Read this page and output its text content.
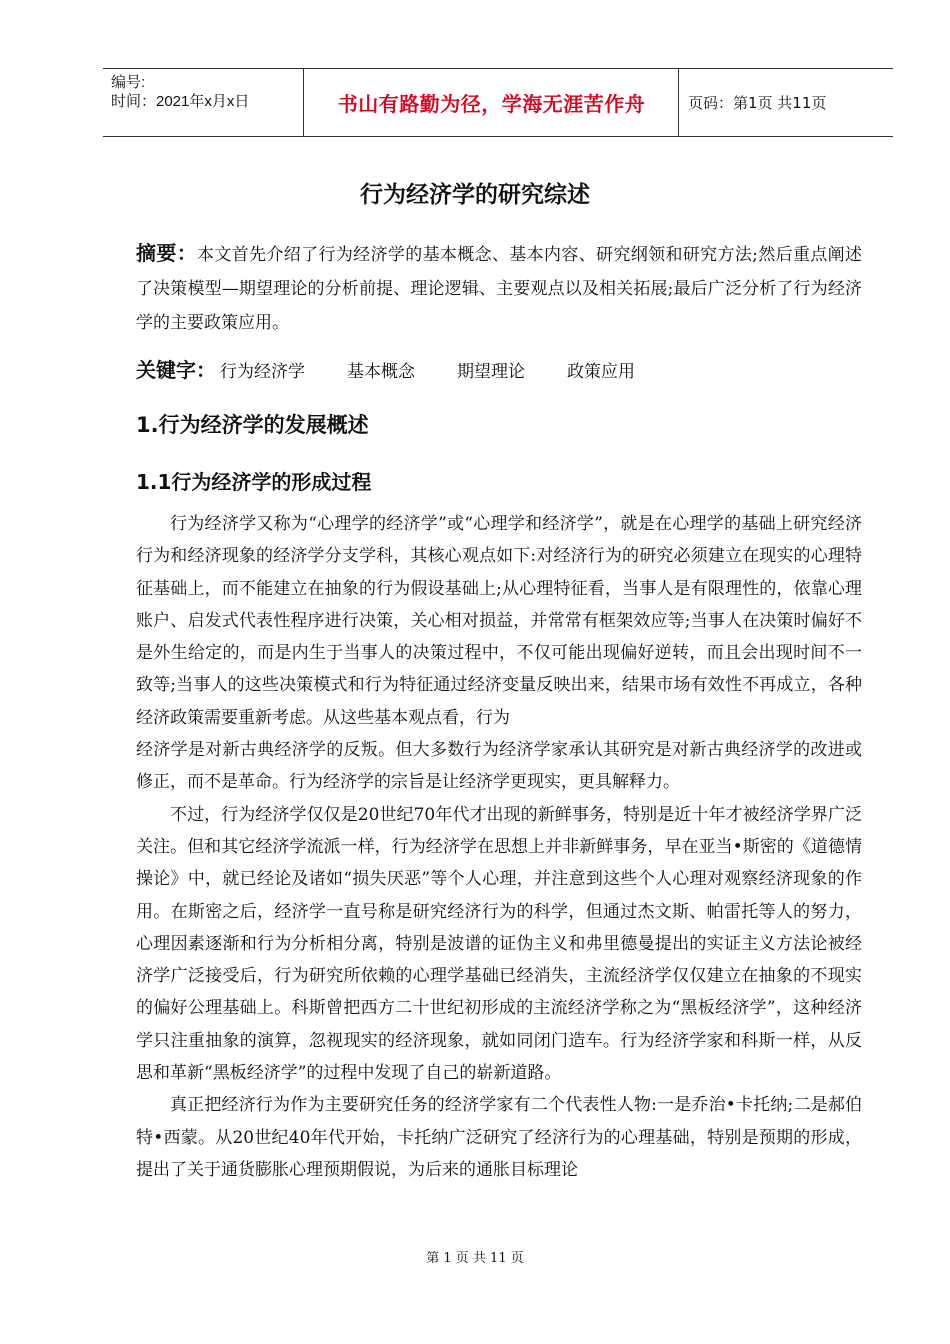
编号:
时间：2021年x月x日	书山有路勤为径，学海无涯苦作舟	页码：第1页 共11页
行为经济学的研究综述
摘要：本文首先介绍了行为经济学的基本概念、基本内容、研究纲领和研究方法;然后重点阐述了决策模型—期望理论的分析前提、理论逻辑、主要观点以及相关拓展;最后广泛分析了行为经济学的主要政策应用。
关键字： 行为经济学 基本概念 期望理论 政策应用
1.行为经济学的发展概述
1.1行为经济学的形成过程

行为经济学又称为“心理学的经济学”或“心理学和经济学”，就是在心理学的基础上研究经济行为和经济现象的经济学分支学科，其核心观点如下:对经济行为的研究必须建立在现实的心理特征基础上，而不能建立在抽象的行为假设基础上;从心理特征看，当事人是有限理性的，依靠心理账户、启发式代表性程序进行决策，关心相对损益，并常常有框架效应等;当事人在决策时偏好不是外生给定的，而是内生于当事人的决策过程中，不仅可能出现偏好逆转，而且会出现时间不一致等;当事人的这些决策模式和行为特征通过经济变量反映出来，结果市场有效性不再成立，各种经济政策需要重新考虑。从这些基本观点看，行为

经济学是对新古典经济学的反叛。但大多数行为经济学家承认其研究是对新古典经济学的改进或修正，而不是革命。行为经济学的宗旨是让经济学更现实，更具解释力。

不过，行为经济学仅仅是20世纪70年代才出现的新鲜事务，特别是近十年才被经济学界广泛关注。但和其它经济学流派一样，行为经济学在思想上并非新鲜事务，早在亚当•斯密的《道德情操论》中，就已经论及诸如“损失厌恶”等个人心理，并注意到这些个人心理对观察经济现象的作用。在斯密之后，经济学一直号称是研究经济行为的科学，但通过杰文斯、帕雷托等人的努力，心理因素逐渐和行为分析相分离，特别是波谱的证伪主义和弗里德曼提出的实证主义方法论被经济学广泛接受后，行为研究所依赖的心理学基础已经消失，主流经济学仅仅建立在抽象的不现实的偏好公理基础上。科斯曾把西方二十世纪初形成的主流经济学称之为“黑板经济学”，这种经济学只注重抽象的演算，忽视现实的经济现象，就如同闭门造车。行为经济学家和科斯一样，从反思和革新“黑板经济学”的过程中发现了自己的崭新道路。

真正把经济行为作为主要研究任务的经济学家有二个代表性人物:一是乔治•卡托纳;二是郝伯特•西蒙。从20世纪40年代开始，卡托纳广泛研究了经济行为的心理基础，特别是预期的形成，提出了关于通货膨胀心理预期假说，为后来的通胀目标理论

第 1 页 共 11 页
